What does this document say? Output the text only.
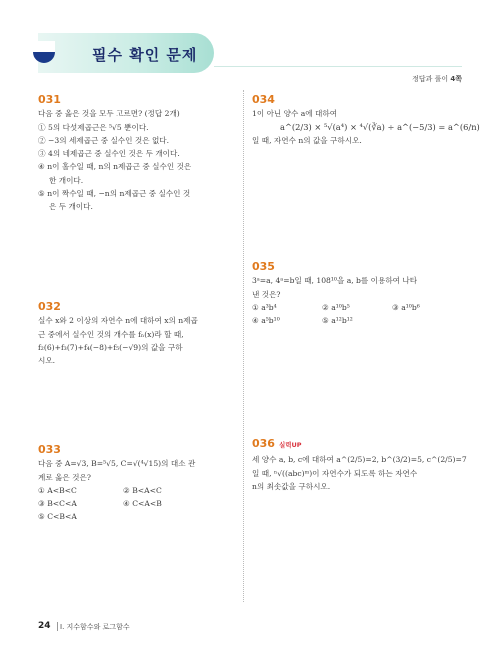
필수 확인 문제
정답과 풀이 4쪽
031
다음 중 옳은 것을 모두 고르면? (정답 2개)
① 5의 다섯제곱근은 ⁵√5 뿐이다.
② −3의 세제곱근 중 실수인 것은 없다.
③ 4의 네제곱근 중 실수인 것은 두 개이다.
④ n이 홀수일 때, n의 n제곱근 중 실수인 것은
한 개이다.
⑤ n이 짝수일 때, −n의 n제곱근 중 실수인 것
은 두 개이다.
032
실수 x와 2 이상의 자연수 n에 대하여 x의 n제곱
근 중에서 실수인 것의 개수를 fₙ(x)라 할 때,
f₂(6)+f₃(7)+f₄(−8)+f₅(−√9)의 값을 구하
시오.
033
다음 중 A=√3, B=⁵√5, C=√(⁴√15)의 대소 관
계로 옳은 것은?
① A<B<C	② B<A<C
③ B<C<A	④ C<A<B
⑤ C<B<A
034
1이 아닌 양수 a에 대하여
a^(2/3) × ⁵√(a⁴) × ⁴√(∛a) ÷ a^(−5/3) = a^(6/n)
일 때, 자연수 n의 값을 구하시오.
035
3ᵃ=a, 4ᵃ=b일 때, 108¹⁰을 a, b를 이용하여 나타
낸 것은?
① a³b⁴	② a¹⁰b⁵	③ a¹⁰b⁶
④ a⁵b¹⁰	⑤ a¹²b¹²
036 실력UP
세 양수 a, b, c에 대하여 a^(2/5)=2, b^(3/2)=5, c^(2/5)=7
일 때, ⁿ√((abc)ᵐ)이 자연수가 되도록 하는 자연수
n의 최솟값을 구하시오.
24 Ⅰ. 지수함수와 로그함수
